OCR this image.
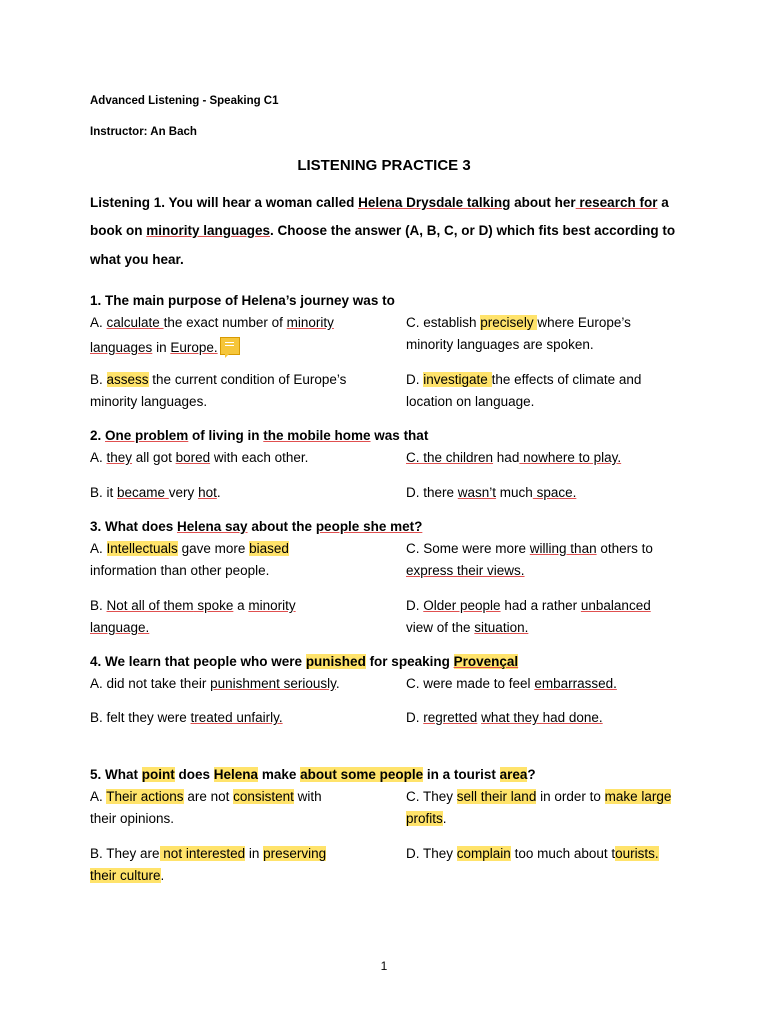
Advanced Listening - Speaking C1
Instructor: An Bach
LISTENING PRACTICE 3
Listening 1. You will hear a woman called Helena Drysdale talking about her research for a
book on minority languages. Choose the answer (A, B, C, or D) which fits best according to
what you hear.
1. The main purpose of Helena’s journey was to
A. calculate the exact number of minority
languages in Europe.
C. establish precisely where Europe’s
minority languages are spoken.
B. assess the current condition of Europe’s
minority languages.
D. investigate the effects of climate and
location on language.
2. One problem of living in the mobile home was that
A. they all got bored with each other.	C. the children had nowhere to play.
B. it became very hot.	D. there wasn’t much space.
3. What does Helena say about the people she met?
A. Intellectuals gave more biased
information than other people.
C. Some were more willing than others to
express their views.
B. Not all of them spoke a minority
language.
D. Older people had a rather unbalanced
view of the situation.
4. We learn that people who were punished for speaking Provençal
A. did not take their punishment seriously.	C. were made to feel embarrassed.
B. felt they were treated unfairly.	D. regretted what they had done.
5. What point does Helena make about some people in a tourist area?
A. Their actions are not consistent with
their opinions.
C. They sell their land in order to make large
profits.
B. They are not interested in preserving
their culture.
D. They complain too much about tourists.
1
